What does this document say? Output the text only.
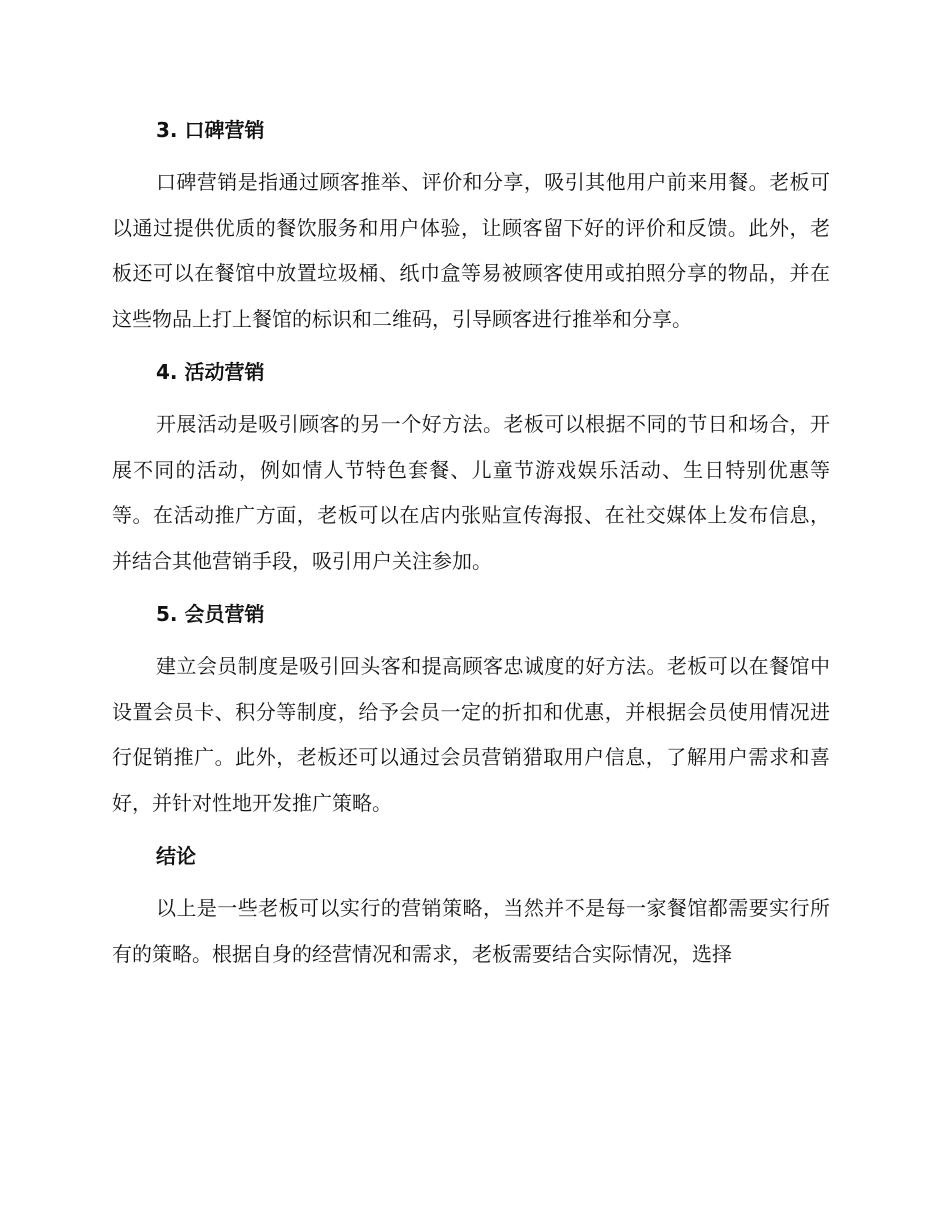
3. 口碑营销

口碑营销是指通过顾客推举、评价和分享，吸引其他用户前来用餐。老板可以通过提供优质的餐饮服务和用户体验，让顾客留下好的评价和反馈。此外，老板还可以在餐馆中放置垃圾桶、纸巾盒等易被顾客使用或拍照分享的物品，并在这些物品上打上餐馆的标识和二维码，引导顾客进行推举和分享。

4. 活动营销

开展活动是吸引顾客的另一个好方法。老板可以根据不同的节日和场合，开展不同的活动，例如情人节特色套餐、儿童节游戏娱乐活动、生日特别优惠等等。在活动推广方面，老板可以在店内张贴宣传海报、在社交媒体上发布信息，并结合其他营销手段，吸引用户关注参加。

5. 会员营销

建立会员制度是吸引回头客和提高顾客忠诚度的好方法。老板可以在餐馆中设置会员卡、积分等制度，给予会员一定的折扣和优惠，并根据会员使用情况进行促销推广。此外，老板还可以通过会员营销猎取用户信息，了解用户需求和喜好，并针对性地开发推广策略。

结论

以上是一些老板可以实行的营销策略，当然并不是每一家餐馆都需要实行所有的策略。根据自身的经营情况和需求，老板需要结合实际情况，选择
